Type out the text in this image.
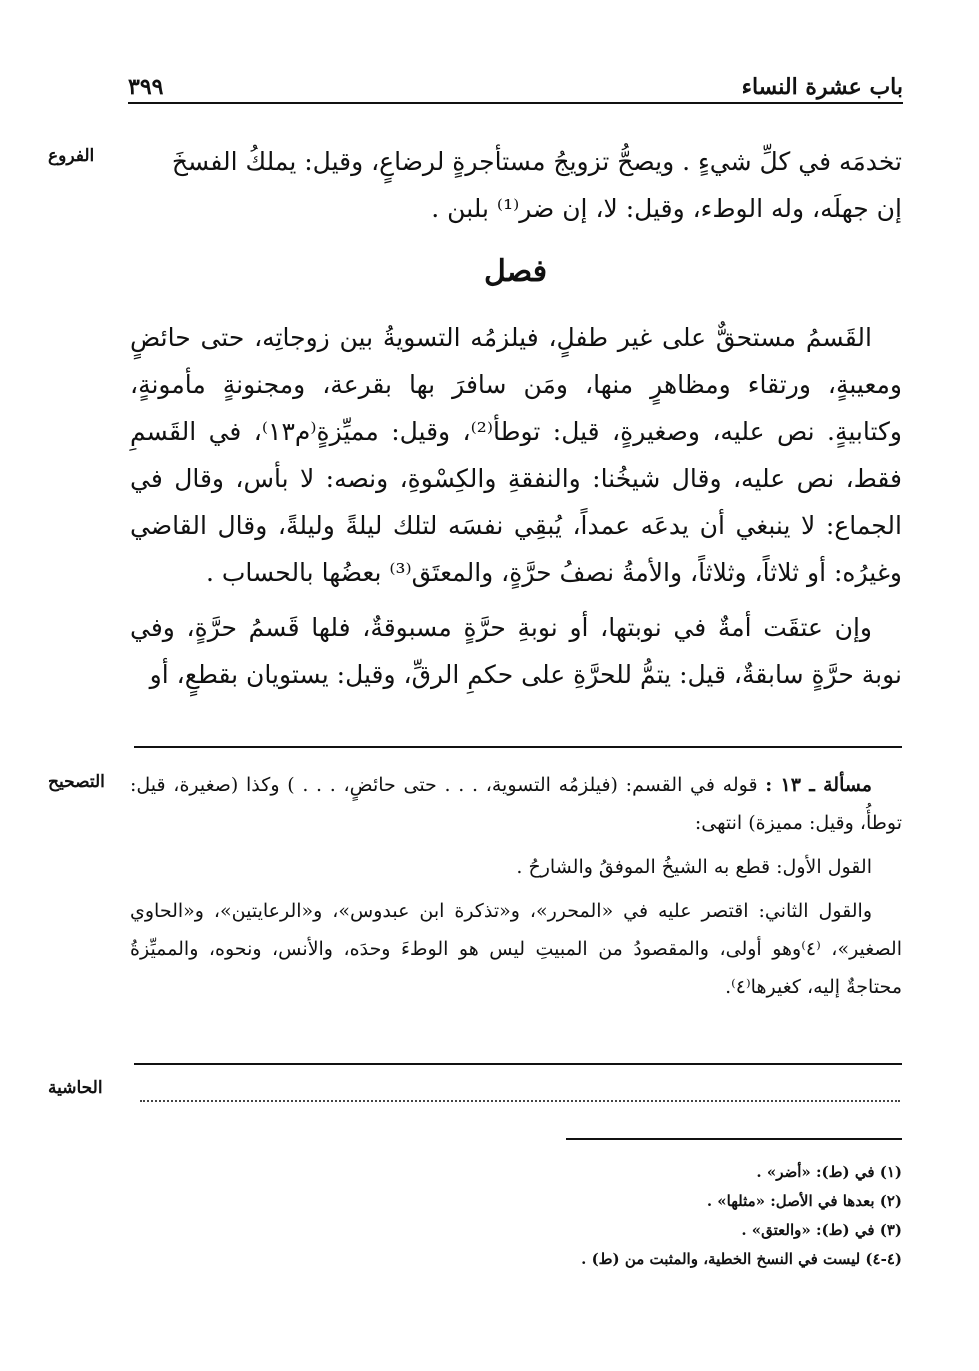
باب عشرة النساء
٣٩٩
الفروع	تخدمَه في كلِّ شيءٍ . ويصحُّ تزويجُ مستأجرةٍ لرضاعٍ، وقيل: يملكُ الفسخَ

إن جهلَه، وله الوطء، وقيل: لا، إن ضر⁽¹⁾ بلبن .

فصل

القَسمُ مستحقٌّ على غير طفلٍ، فيلزمُه التسويةُ بين زوجاتِه، حتى حائضٍ ومعيبةٍ، ورتقاء ومظاهرٍ منها، ومَن سافرَ بها بقرعة، ومجنونةٍ مأمونةٍ، وكتابيةٍ. نص عليه، وصغيرةٍ، قيل: توطأ⁽²⁾، وقيل: مميِّزةٍ⁽م١٣⁾، في القَسمِ فقط، نص عليه، وقال شيخُنا: والنفقةِ والكِسْوةِ، ونصه: لا بأس، وقال في الجماع: لا ينبغي أن يدعَه عمداً، يُبقِي نفسَه لتلك ليلةً وليلةً، وقال القاضي وغيرُه: أو ثلاثاً، وثلاثاً، والأمةُ نصفُ حرَّةٍ، والمعتَق⁽³⁾ بعضُها بالحساب .

وإن عتقَت أمةٌ في نوبتها، أو نوبةِ حرَّةٍ مسبوقةٌ، فلها قَسمُ حرَّةٍ، وفي نوبة حرَّةٍ سابقةٌ، قيل: يتمُّ للحرَّةِ على حكمِ الرقِّ، وقيل: يستويان بقطعٍ، أو

التصحيح	مسألة ـ ١٣ : قوله في القسم: (فيلزمُه التسوية، . . . حتى حائضٍ، . . . ) وكذا (صغيرة، قيل: توطأُ، وقيل: مميزة) انتهى:

القول الأول: قطع به الشيخُ الموفقُ والشارحُ .

والقول الثاني: اقتصر عليه في «المحرر»، و«تذكرة ابن عبدوس»، و«الرعايتين»، و«الحاوي الصغير»، ⁽٤⁾وهو أولى، والمقصودُ من المبيتِ ليس هو الوطءَ وحدَه، والأنس، ونحوه، والمميِّزةُ محتاجةٌ إليه، كغيرها⁽٤⁾.

الحاشية

(١) في (ط): «أضر» .

(٢) بعدها في الأصل: «مثلها» .

(٣) في (ط): «والعتق» .

(٤-٤) ليست في النسخ الخطية، والمثبت من (ط) .
